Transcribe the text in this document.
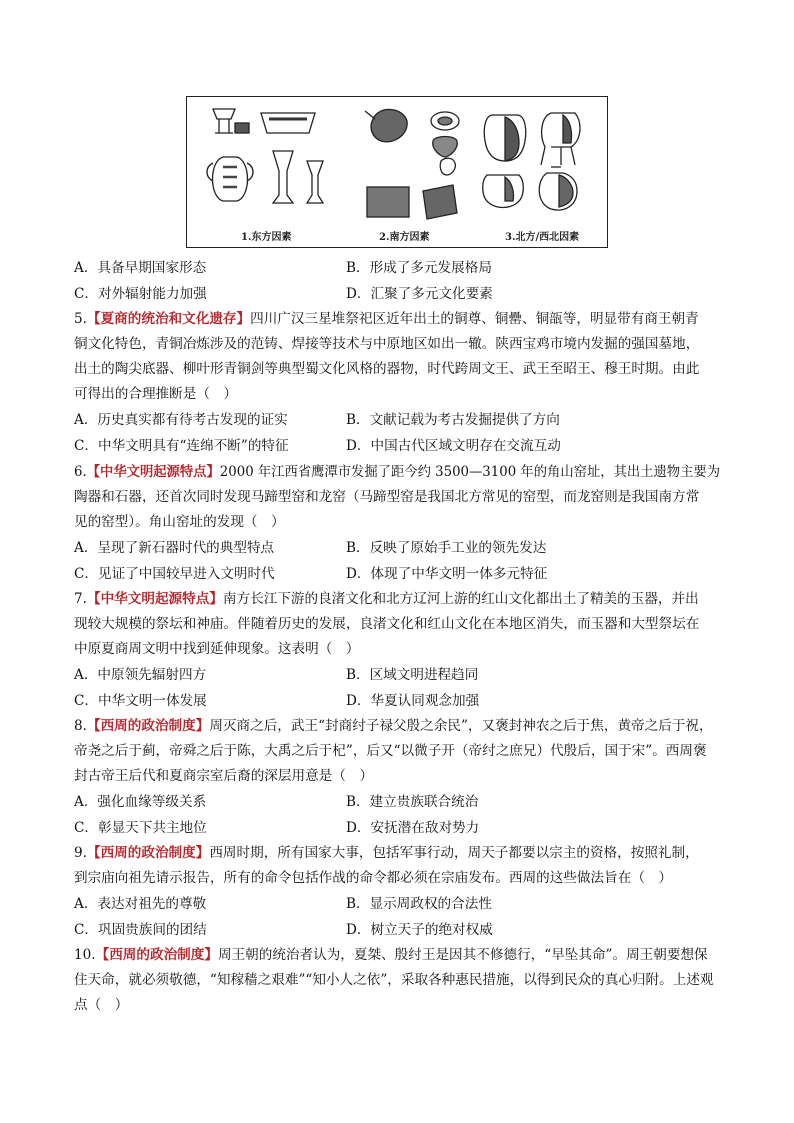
1.东方因素	2.南方因素	3.北方/西北因素
A．具备早期国家形态	B．形成了多元发展格局
C．对外辐射能力加强	D．汇聚了多元文化要素
5.【夏商的统治和文化遗存】四川广汉三星堆祭祀区近年出土的铜尊、铜罍、铜瓿等，明显带有商王朝青
铜文化特色，青铜冶炼涉及的范铸、焊接等技术与中原地区如出一辙。陕西宝鸡市境内发掘的强国墓地，
出土的陶尖底器、柳叶形青铜剑等典型蜀文化风格的器物，时代跨周文王、武王至昭王、穆王时期。由此
可得出的合理推断是（　）
A．历史真实都有待考古发现的证实	B．文献记载为考古发掘提供了方向
C．中华文明具有“连绵不断”的特征	D．中国古代区域文明存在交流互动
6.【中华文明起源特点】2000 年江西省鹰潭市发掘了距今约 3500—3100 年的角山窑址，其出土遗物主要为
陶器和石器，还首次同时发现马蹄型窑和龙窑（马蹄型窑是我国北方常见的窑型，而龙窑则是我国南方常
见的窑型）。角山窑址的发现（　）
A．呈现了新石器时代的典型特点	B．反映了原始手工业的领先发达
C．见证了中国较早进入文明时代	D．体现了中华文明一体多元特征
7.【中华文明起源特点】南方长江下游的良渚文化和北方辽河上游的红山文化都出土了精美的玉器，并出
现较大规模的祭坛和神庙。伴随着历史的发展，良渚文化和红山文化在本地区消失，而玉器和大型祭坛在
中原夏商周文明中找到延伸现象。这表明（　）
A．中原领先辐射四方	B．区域文明进程趋同
C．中华文明一体发展	D．华夏认同观念加强
8.【西周的政治制度】周灭商之后，武王“封商纣子禄父殷之余民”，又褒封神农之后于焦，黄帝之后于祝，
帝尧之后于蓟，帝舜之后于陈，大禹之后于杞”，后又“以微子开（帝纣之庶兄）代殷后，国于宋”。西周褒
封古帝王后代和夏商宗室后裔的深层用意是（　）
A．强化血缘等级关系	B．建立贵族联合统治
C．彰显天下共主地位	D．安抚潜在敌对势力
9.【西周的政治制度】西周时期，所有国家大事，包括军事行动，周天子都要以宗主的资格，按照礼制，
到宗庙向祖先请示报告，所有的命令包括作战的命令都必须在宗庙发布。西周的这些做法旨在（　）
A．表达对祖先的尊敬	B．显示周政权的合法性
C．巩固贵族间的团结	D．树立天子的绝对权威
10.【西周的政治制度】周王朝的统治者认为，夏桀、殷纣王是因其不修德行，“早坠其命”。周王朝要想保
住天命，就必须敬德，“知稼穑之艰难”“知小人之依”，采取各种惠民措施，以得到民众的真心归附。上述观
点（　）
